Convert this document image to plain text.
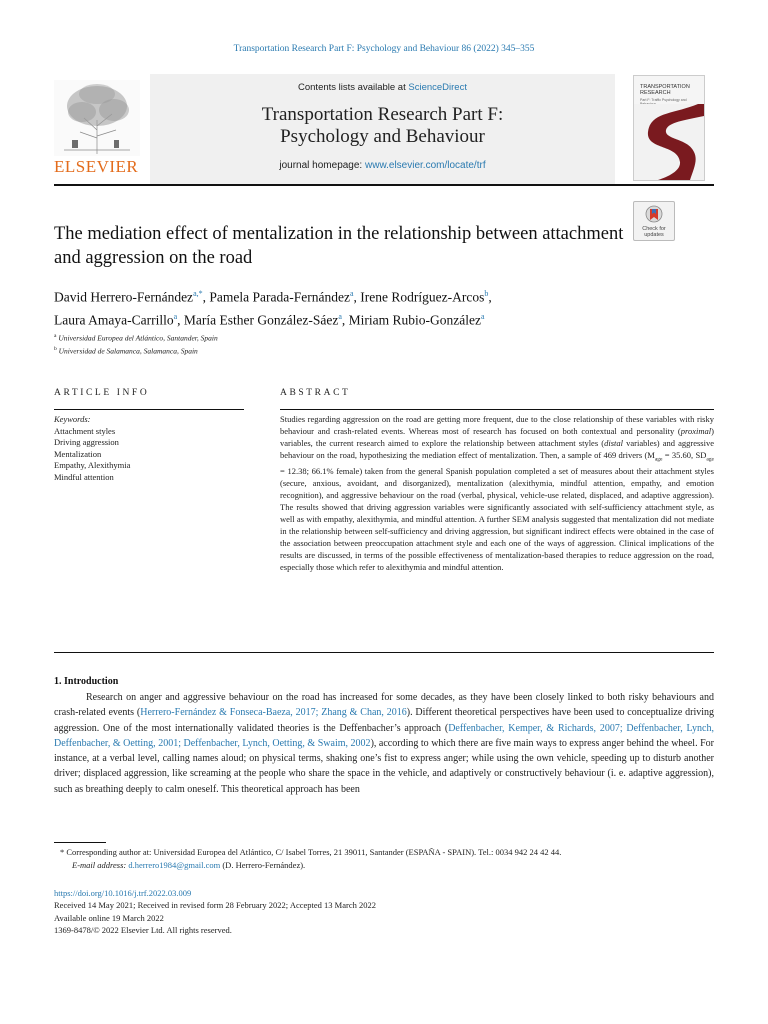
Transportation Research Part F: Psychology and Behaviour 86 (2022) 345–355
ELSEVIER
Contents lists available at ScienceDirect
Transportation Research Part F:
Psychology and Behaviour
journal homepage: www.elsevier.com/locate/trf
TRANSPORTATION RESEARCH
Part F: Traffic Psychology and
Check for updates
The mediation effect of mentalization in the relationship between attachment and aggression on the road
David Herrero-Fernández$^{a,*}$, Pamela Parada-Fernández$^a$, Irene Rodríguez-Arcos$^b$,
Laura Amaya-Carrillo$^a$, María Esther González-Sáez$^a$, Miriam Rubio-González$^a$
$^a$ Universidad Europea del Atlántico, Santander, Spain
$^b$ Universidad de Salamanca, Salamanca, Spain
ARTICLE INFO	ABSTRACT
Keywords:
Attachment styles
Driving aggression
Mentalization
Empathy, Alexithymia
Mindful attention
Studies regarding aggression on the road are getting more frequent, due to the close relationship of these variables with risky behaviour and crash-related events. Whereas most of research has focused on both contextual and personality (proximal) variables, the current research aimed to explore the relationship between attachment styles (distal variables) and aggressive behaviour on the road, hypothesizing the mediation effect of mentalization. Then, a sample of 469 drivers ($M_{age} = 35.60$, $SD_{age} = 12.38$; 66.1% female) taken from the general Spanish population completed a set of measures about their attachment styles (secure, anxious, avoidant, and disorganized), mentalization (alexithymia, mindful attention, empathy, and emotion recognition), and aggressive behaviour on the road (verbal, physical, vehicle-use related, displaced, and adaptive aggression). The results showed that driving aggression variables were significantly associated with self-sufficiency attachment style, as well as with empathy, alexithymia, and mindful attention. A further SEM analysis suggested that mentalization did not mediate in the relationship between self-sufficiency and driving aggression, but significant indirect effects were obtained in the case of the association between preoccupation attachment style and each one of the ways of aggression. Clinical implications of the results are discussed, in terms of the possible effectiveness of mentalization-based therapies to reduce aggression on the road, especially those which refer to alexithymia and mindful attention.
1. Introduction
Research on anger and aggressive behaviour on the road has increased for some decades, as they have been closely linked to both risky behaviours and crash-related events (Herrero-Fernández & Fonseca-Baeza, 2017; Zhang & Chan, 2016). Different theoretical perspectives have been used to conceptualize driving aggression. One of the most internationally validated theories is the Deffenbacher’s approach (Deffenbacher, Kemper, & Richards, 2007; Deffenbacher, Lynch, Deffenbacher, & Oetting, 2001; Deffenbacher, Lynch, Oetting, & Swaim, 2002), according to which there are five main ways to express anger behind the wheel. For instance, at a verbal level, calling names aloud; on physical terms, shaking one’s fist to express anger; while using the own vehicle, speeding up to disturb another driver; displaced aggression, like screaming at the people who share the space in the vehicle, and adaptively or constructively behaviour (i. e. adaptive aggression), such as breathing deeply to calm oneself. This theoretical approach has been
* Corresponding author at: Universidad Europea del Atlántico, C/ Isabel Torres, 21 39011, Santander (ESPAÑA - SPAIN). Tel.: 0034 942 24 42 44.
E-mail address: d.herrero1984@gmail.com (D. Herrero-Fernández).
https://doi.org/10.1016/j.trf.2022.03.009
Received 14 May 2021; Received in revised form 28 February 2022; Accepted 13 March 2022
Available online 19 March 2022
1369-8478/© 2022 Elsevier Ltd. All rights reserved.
